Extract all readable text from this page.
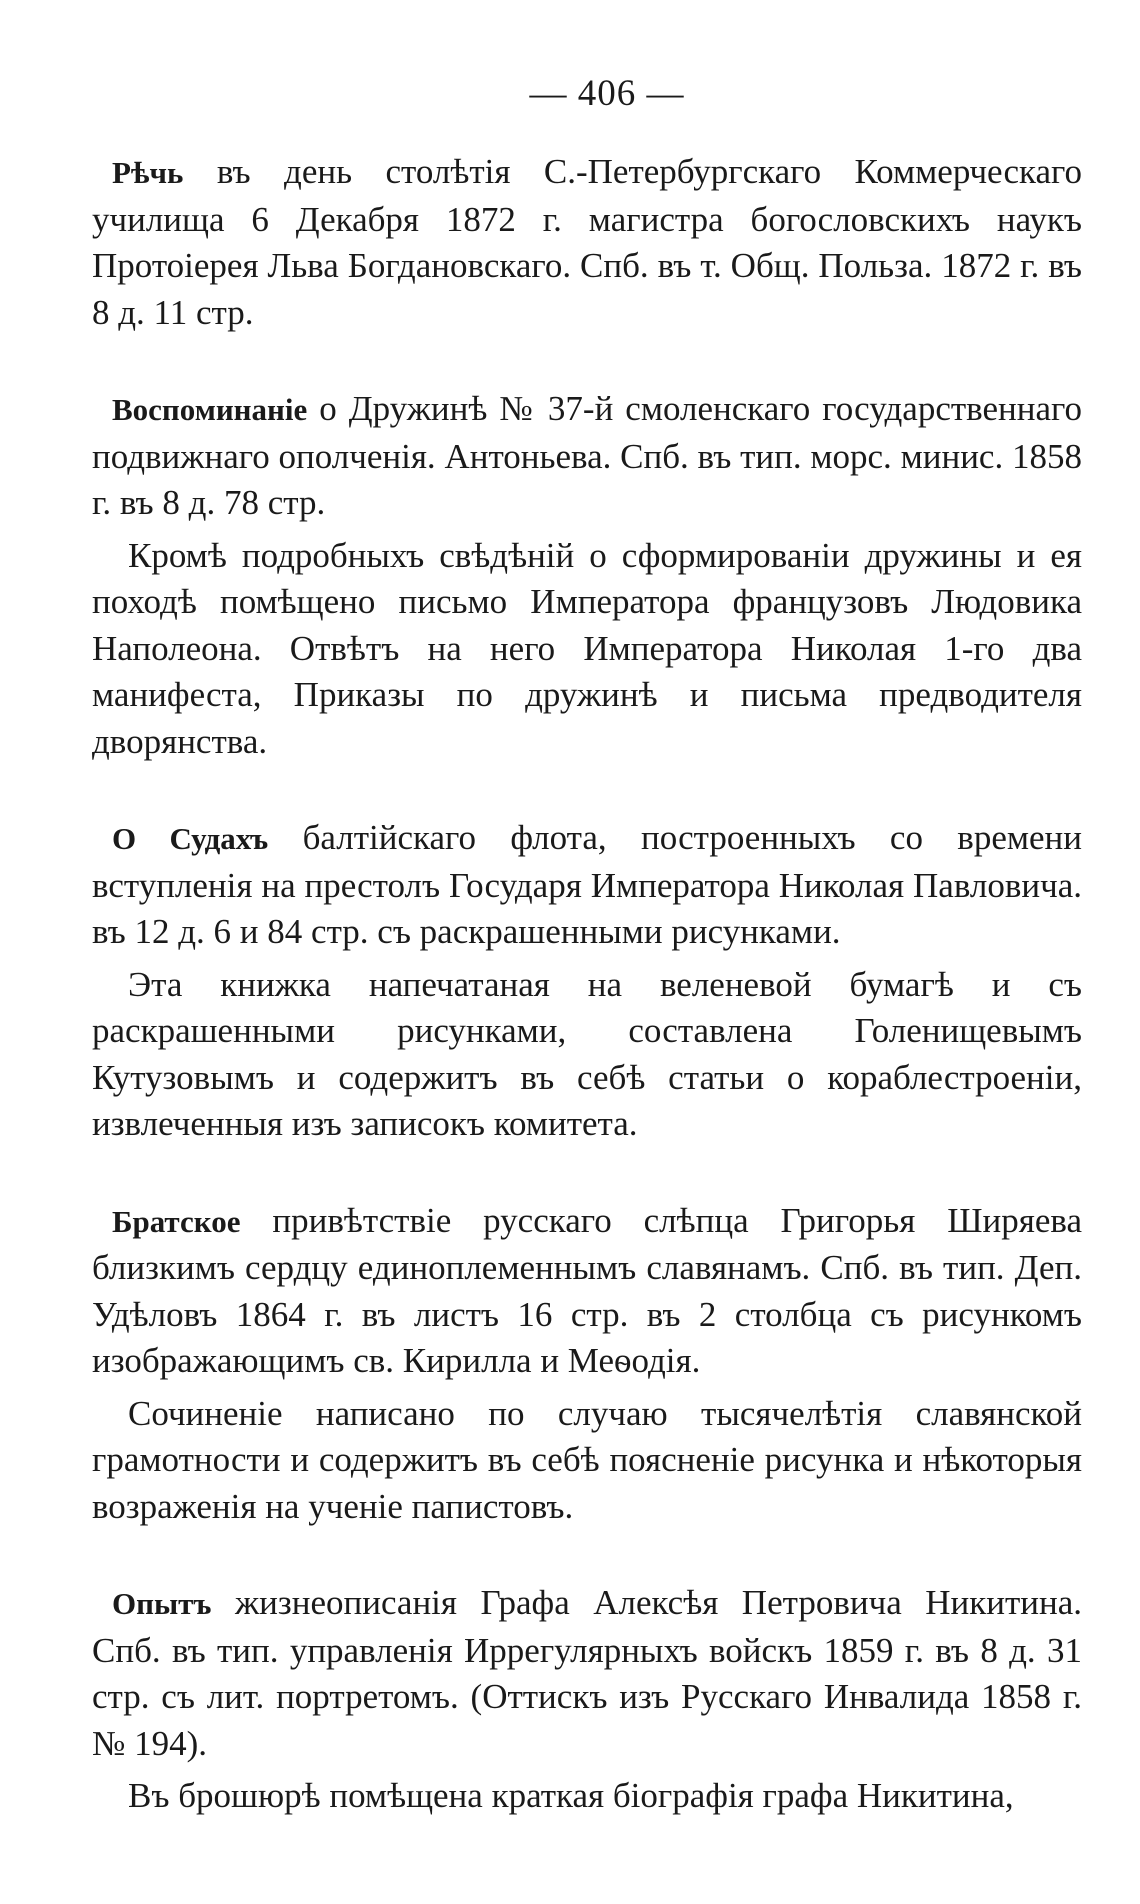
— 406 —

Рѣчь въ день столѣтія С.-Петербургскаго Коммерческаго училища 6 Декабря 1872 г. магистра богословскихъ наукъ Протоіерея Льва Богдановскаго. Спб. въ т. Общ. Польза. 1872 г. въ 8 д. 11 стр.

Воспоминаніе о Дружинѣ № 37-й смоленскаго государственнаго подвижнаго ополченія. Антоньева. Спб. въ тип. морс. минис. 1858 г. въ 8 д. 78 стр.

Кромѣ подробныхъ свѣдѣній о сформированіи дружины и ея походѣ помѣщено письмо Императора французовъ Людовика Наполеона. Отвѣтъ на него Императора Николая 1-го два манифеста, Приказы по дружинѣ и письма предводителя дворянства.

О Судахъ балтійскаго флота, построенныхъ со времени вступленія на престолъ Государя Императора Николая Павловича. въ 12 д. 6 и 84 стр. съ раскрашенными рисунками.

Эта книжка напечатаная на веленевой бумагѣ и съ раскрашенными рисунками, составлена Голенищевымъ Кутузовымъ и содержитъ въ себѣ статьи о кораблестроеніи, извлеченныя изъ записокъ комитета.

Братское привѣтствіе русскаго слѣпца Григорья Ширяева близкимъ сердцу единоплеменнымъ славянамъ. Спб. въ тип. Деп. Удѣловъ 1864 г. въ листъ 16 стр. въ 2 столбца съ рисункомъ изображающимъ св. Кирилла и Меѳодія.

Сочиненіе написано по случаю тысячелѣтія славянской грамотности и содержитъ въ себѣ поясненіе рисунка и нѣкоторыя возраженія на ученіе папистовъ.

Опытъ жизнеописанія Графа Алексѣя Петровича Никитина. Спб. въ тип. управленія Иррегулярныхъ войскъ 1859 г. въ 8 д. 31 стр. съ лит. портретомъ. (Оттискъ изъ Русскаго Инвалида 1858 г. № 194).

Въ брошюрѣ помѣщена краткая біографія графа Никитина,
